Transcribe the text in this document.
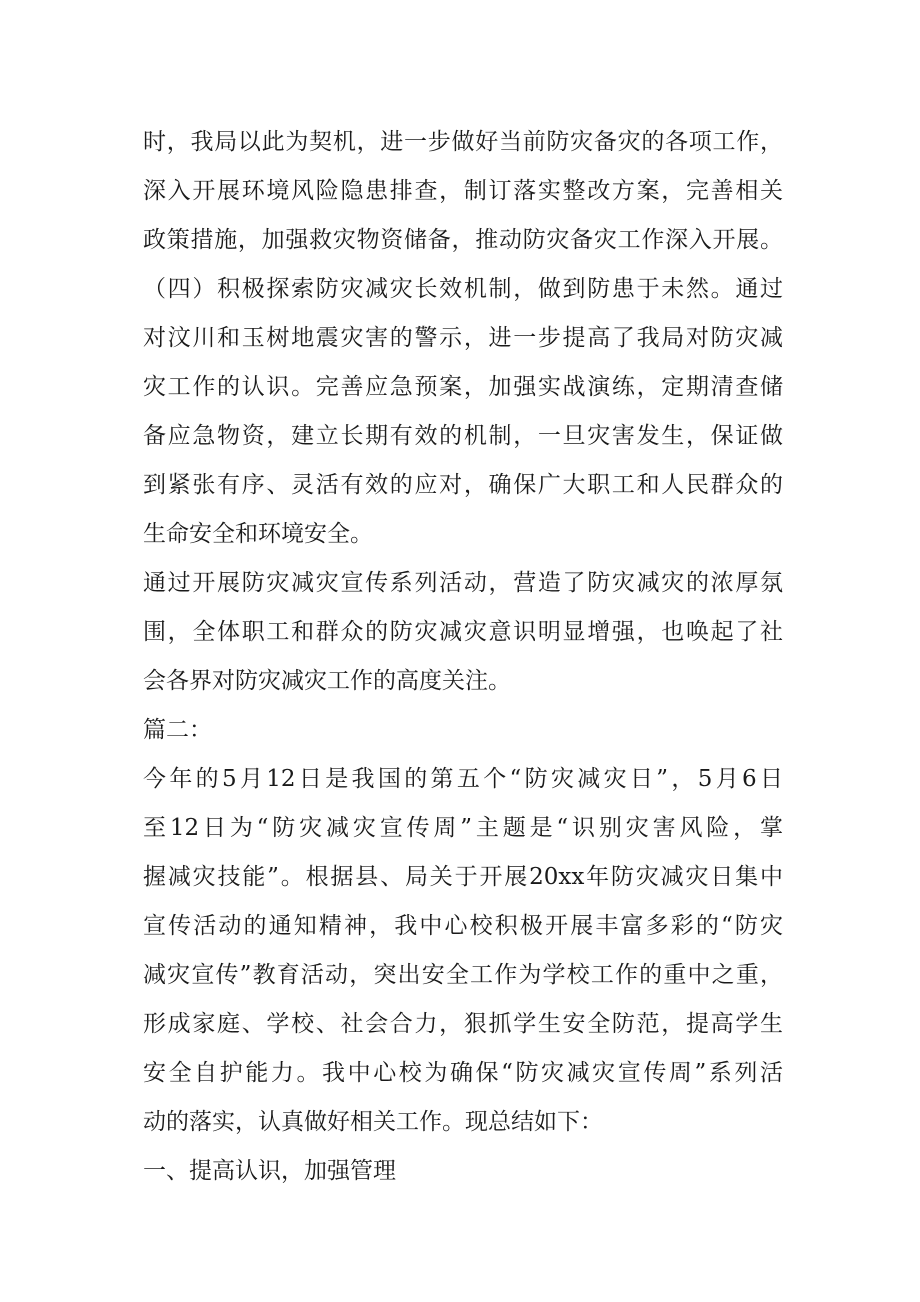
时，我局以此为契机，进一步做好当前防灾备灾的各项工作，
深入开展环境风险隐患排查，制订落实整改方案，完善相关
政策措施，加强救灾物资储备，推动防灾备灾工作深入开展。
（四）积极探索防灾减灾长效机制，做到防患于未然。通过
对汶川和玉树地震灾害的警示，进一步提高了我局对防灾减
灾工作的认识。完善应急预案，加强实战演练，定期清查储
备应急物资，建立长期有效的机制，一旦灾害发生，保证做
到紧张有序、灵活有效的应对，确保广大职工和人民群众的
生命安全和环境安全。
通过开展防灾减灾宣传系列活动，营造了防灾减灾的浓厚氛
围，全体职工和群众的防灾减灾意识明显增强，也唤起了社
会各界对防灾减灾工作的高度关注。
篇二：
今年的5月12日是我国的第五个“防灾减灾日”，5月6日
至12日为“防灾减灾宣传周”主题是“识别灾害风险，掌
握减灾技能”。根据县、局关于开展20xx年防灾减灾日集中
宣传活动的通知精神，我中心校积极开展丰富多彩的“防灾
减灾宣传”教育活动，突出安全工作为学校工作的重中之重，
形成家庭、学校、社会合力，狠抓学生安全防范，提高学生
安全自护能力。我中心校为确保“防灾减灾宣传周”系列活
动的落实，认真做好相关工作。现总结如下：
一、提高认识，加强管理
